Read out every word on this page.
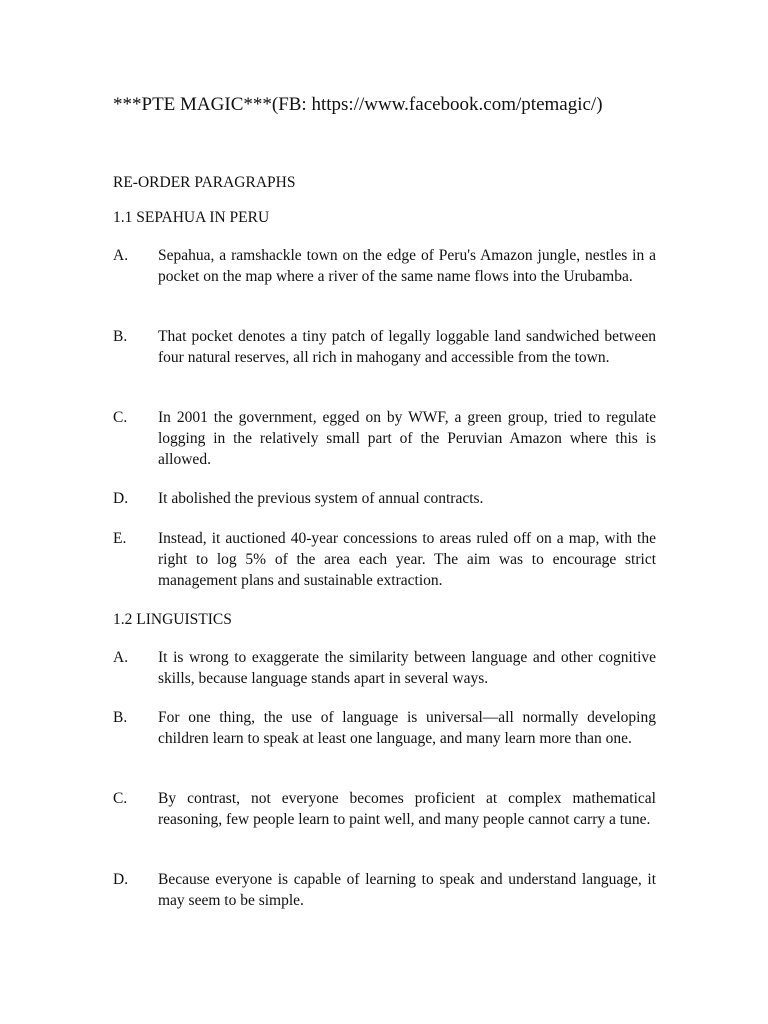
***PTE MAGIC***(FB: https://www.facebook.com/ptemagic/)
RE-ORDER PARAGRAPHS
1.1 SEPAHUA IN PERU
A. Sepahua, a ramshackle town on the edge of Peru's Amazon jungle, nestles in a pocket on the map where a river of the same name flows into the Urubamba.
B. That pocket denotes a tiny patch of legally loggable land sandwiched between four natural reserves, all rich in mahogany and accessible from the town.
C. In 2001 the government, egged on by WWF, a green group, tried to regulate logging in the relatively small part of the Peruvian Amazon where this is allowed.
D. It abolished the previous system of annual contracts.
E. Instead, it auctioned 40-year concessions to areas ruled off on a map, with the right to log 5% of the area each year. The aim was to encourage strict management plans and sustainable extraction.
1.2 LINGUISTICS
A. It is wrong to exaggerate the similarity between language and other cognitive skills, because language stands apart in several ways.
B. For one thing, the use of language is universal—all normally developing children learn to speak at least one language, and many learn more than one.
C. By contrast, not everyone becomes proficient at complex mathematical reasoning, few people learn to paint well, and many people cannot carry a tune.
D. Because everyone is capable of learning to speak and understand language, it may seem to be simple.
